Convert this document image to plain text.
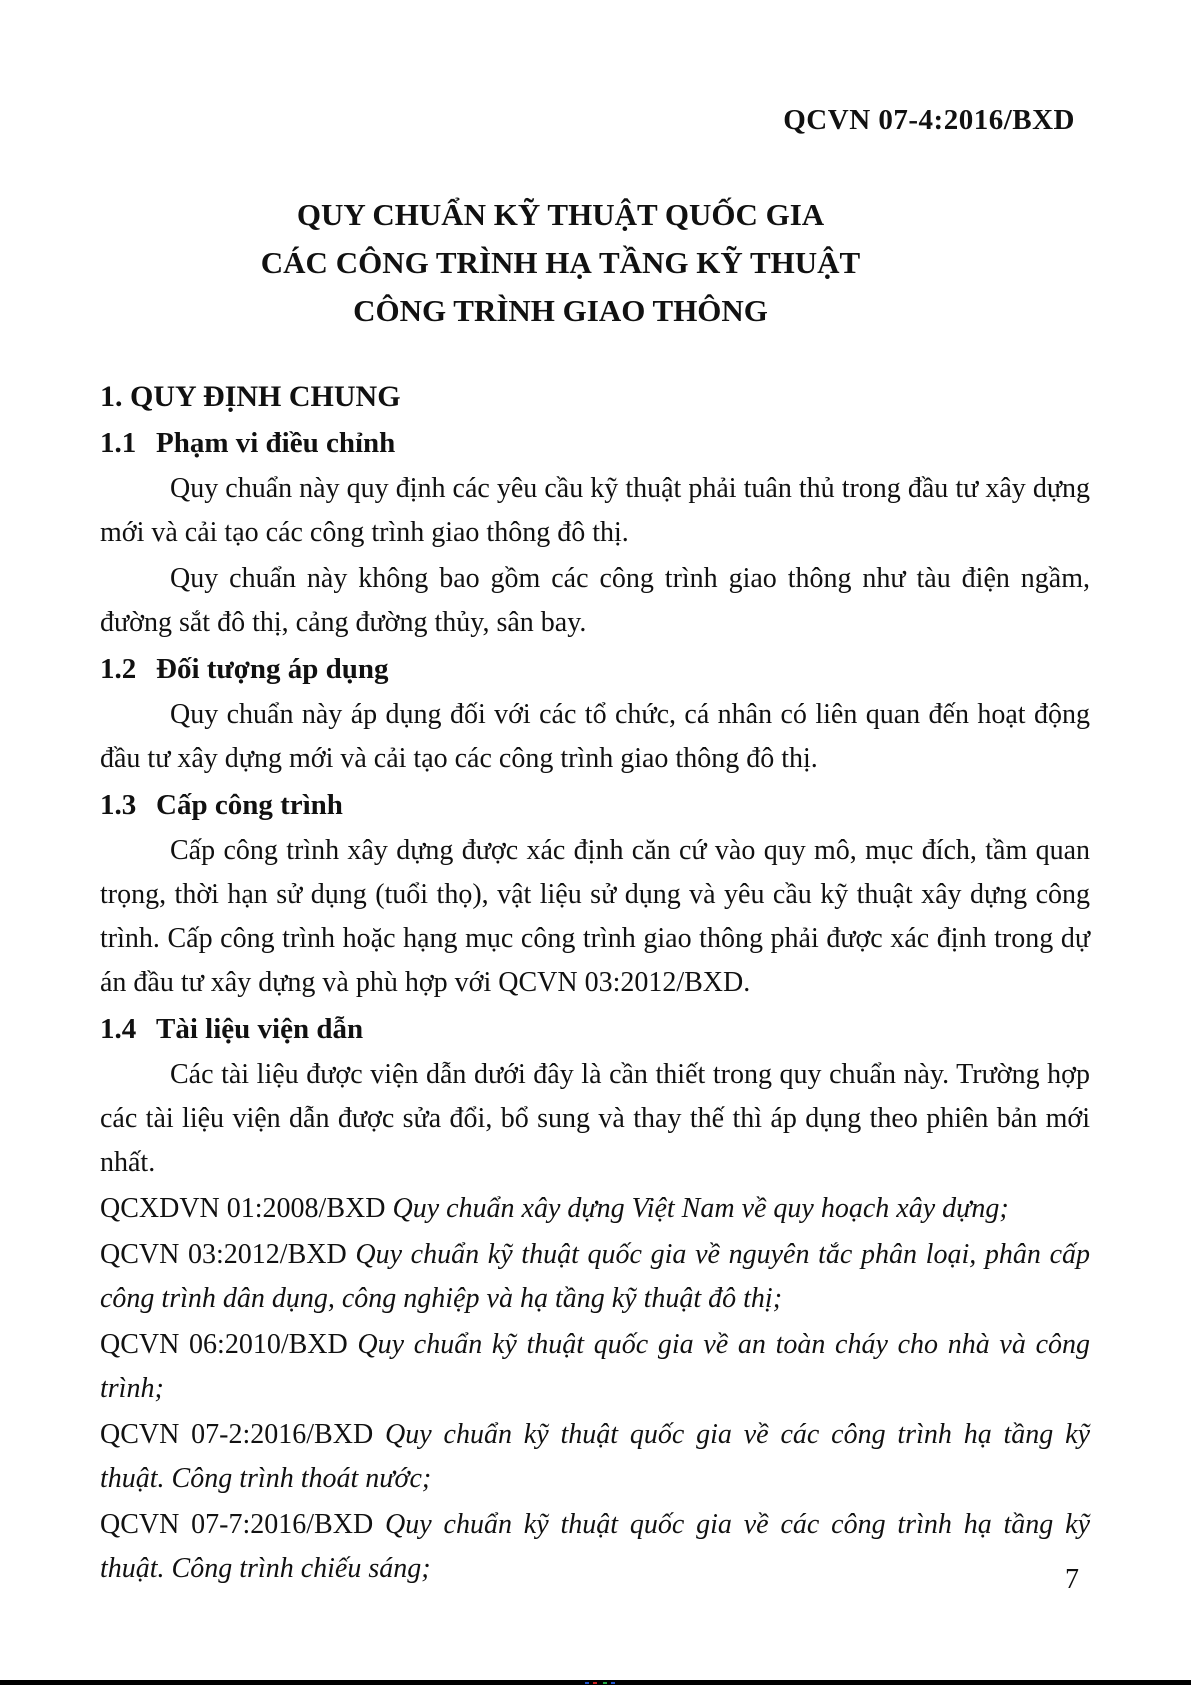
QCVN 07-4:2016/BXD
QUY CHUẨN KỸ THUẬT QUỐC GIA
CÁC CÔNG TRÌNH HẠ TẦNG KỸ THUẬT
CÔNG TRÌNH GIAO THÔNG
1. QUY ĐỊNH CHUNG
1.1 Phạm vi điều chỉnh

Quy chuẩn này quy định các yêu cầu kỹ thuật phải tuân thủ trong đầu tư xây dựng mới và cải tạo các công trình giao thông đô thị.

Quy chuẩn này không bao gồm các công trình giao thông như tàu điện ngầm, đường sắt đô thị, cảng đường thủy, sân bay.

1.2 Đối tượng áp dụng

Quy chuẩn này áp dụng đối với các tổ chức, cá nhân có liên quan đến hoạt động đầu tư xây dựng mới và cải tạo các công trình giao thông đô thị.

1.3 Cấp công trình

Cấp công trình xây dựng được xác định căn cứ vào quy mô, mục đích, tầm quan trọng, thời hạn sử dụng (tuổi thọ), vật liệu sử dụng và yêu cầu kỹ thuật xây dựng công trình. Cấp công trình hoặc hạng mục công trình giao thông phải được xác định trong dự án đầu tư xây dựng và phù hợp với QCVN 03:2012/BXD.

1.4 Tài liệu viện dẫn

Các tài liệu được viện dẫn dưới đây là cần thiết trong quy chuẩn này. Trường hợp các tài liệu viện dẫn được sửa đổi, bổ sung và thay thế thì áp dụng theo phiên bản mới nhất.

QCXDVN 01:2008/BXD Quy chuẩn xây dựng Việt Nam về quy hoạch xây dựng;

QCVN 03:2012/BXD Quy chuẩn kỹ thuật quốc gia về nguyên tắc phân loại, phân cấp công trình dân dụng, công nghiệp và hạ tầng kỹ thuật đô thị;

QCVN 06:2010/BXD Quy chuẩn kỹ thuật quốc gia về an toàn cháy cho nhà và công trình;

QCVN 07-2:2016/BXD Quy chuẩn kỹ thuật quốc gia về các công trình hạ tầng kỹ thuật. Công trình thoát nước;

QCVN 07-7:2016/BXD Quy chuẩn kỹ thuật quốc gia về các công trình hạ tầng kỹ thuật. Công trình chiếu sáng;	7
